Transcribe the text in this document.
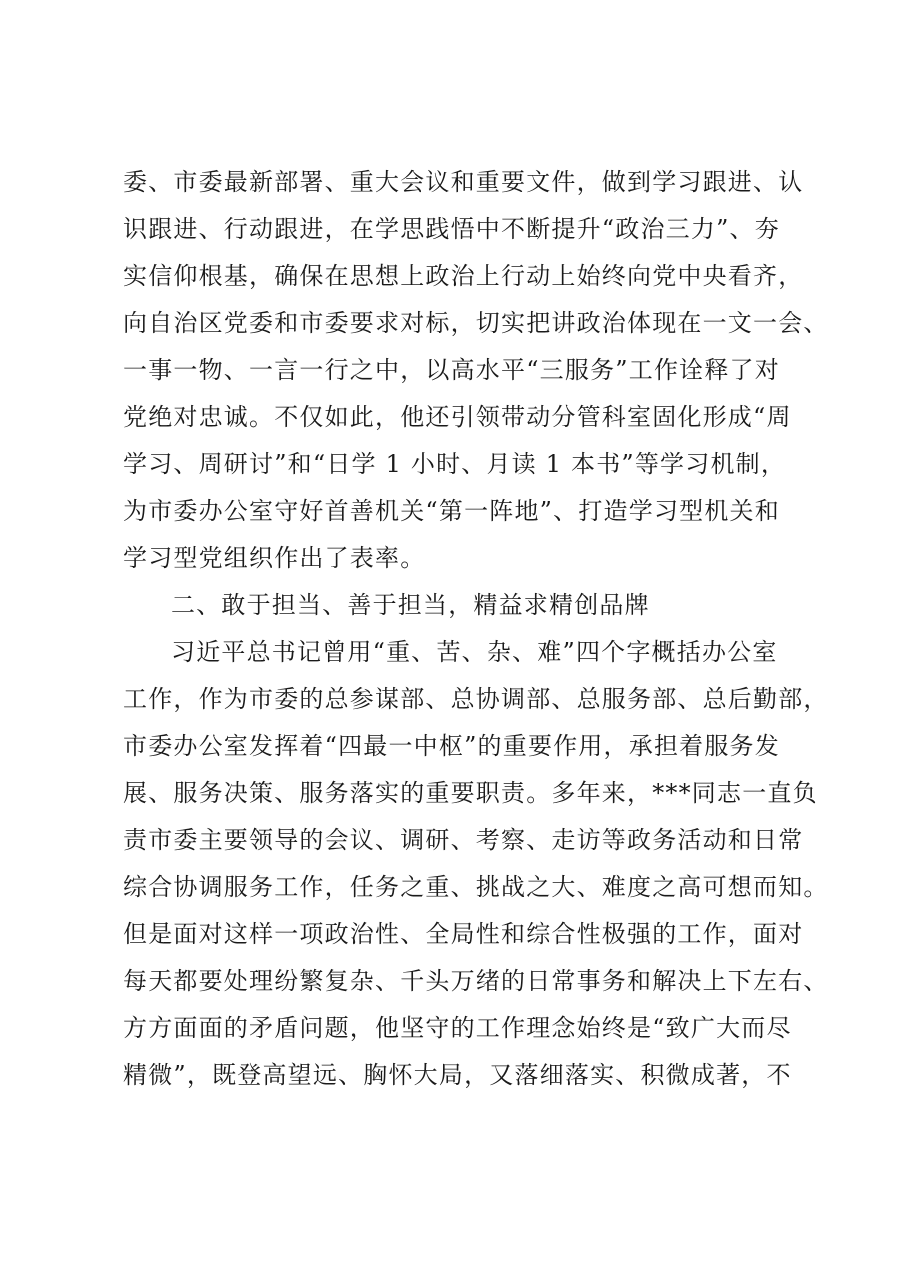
委、市委最新部署、重大会议和重要文件，做到学习跟进、认
识跟进、行动跟进，在学思践悟中不断提升“政治三力”、夯
实信仰根基，确保在思想上政治上行动上始终向党中央看齐，
向自治区党委和市委要求对标，切实把讲政治体现在一文一会、
一事一物、一言一行之中，以高水平“三服务”工作诠释了对
党绝对忠诚。不仅如此，他还引领带动分管科室固化形成“周
学习、周研讨”和“日学 1 小时、月读 1 本书”等学习机制，
为市委办公室守好首善机关“第一阵地”、打造学习型机关和
学习型党组织作出了表率。
二、敢于担当、善于担当，精益求精创品牌
习近平总书记曾用“重、苦、杂、难”四个字概括办公室
工作，作为市委的总参谋部、总协调部、总服务部、总后勤部，
市委办公室发挥着“四最一中枢”的重要作用，承担着服务发
展、服务决策、服务落实的重要职责。多年来，***同志一直负
责市委主要领导的会议、调研、考察、走访等政务活动和日常
综合协调服务工作，任务之重、挑战之大、难度之高可想而知。
但是面对这样一项政治性、全局性和综合性极强的工作，面对
每天都要处理纷繁复杂、千头万绪的日常事务和解决上下左右、
方方面面的矛盾问题，他坚守的工作理念始终是“致广大而尽
精微”，既登高望远、胸怀大局，又落细落实、积微成著，不
